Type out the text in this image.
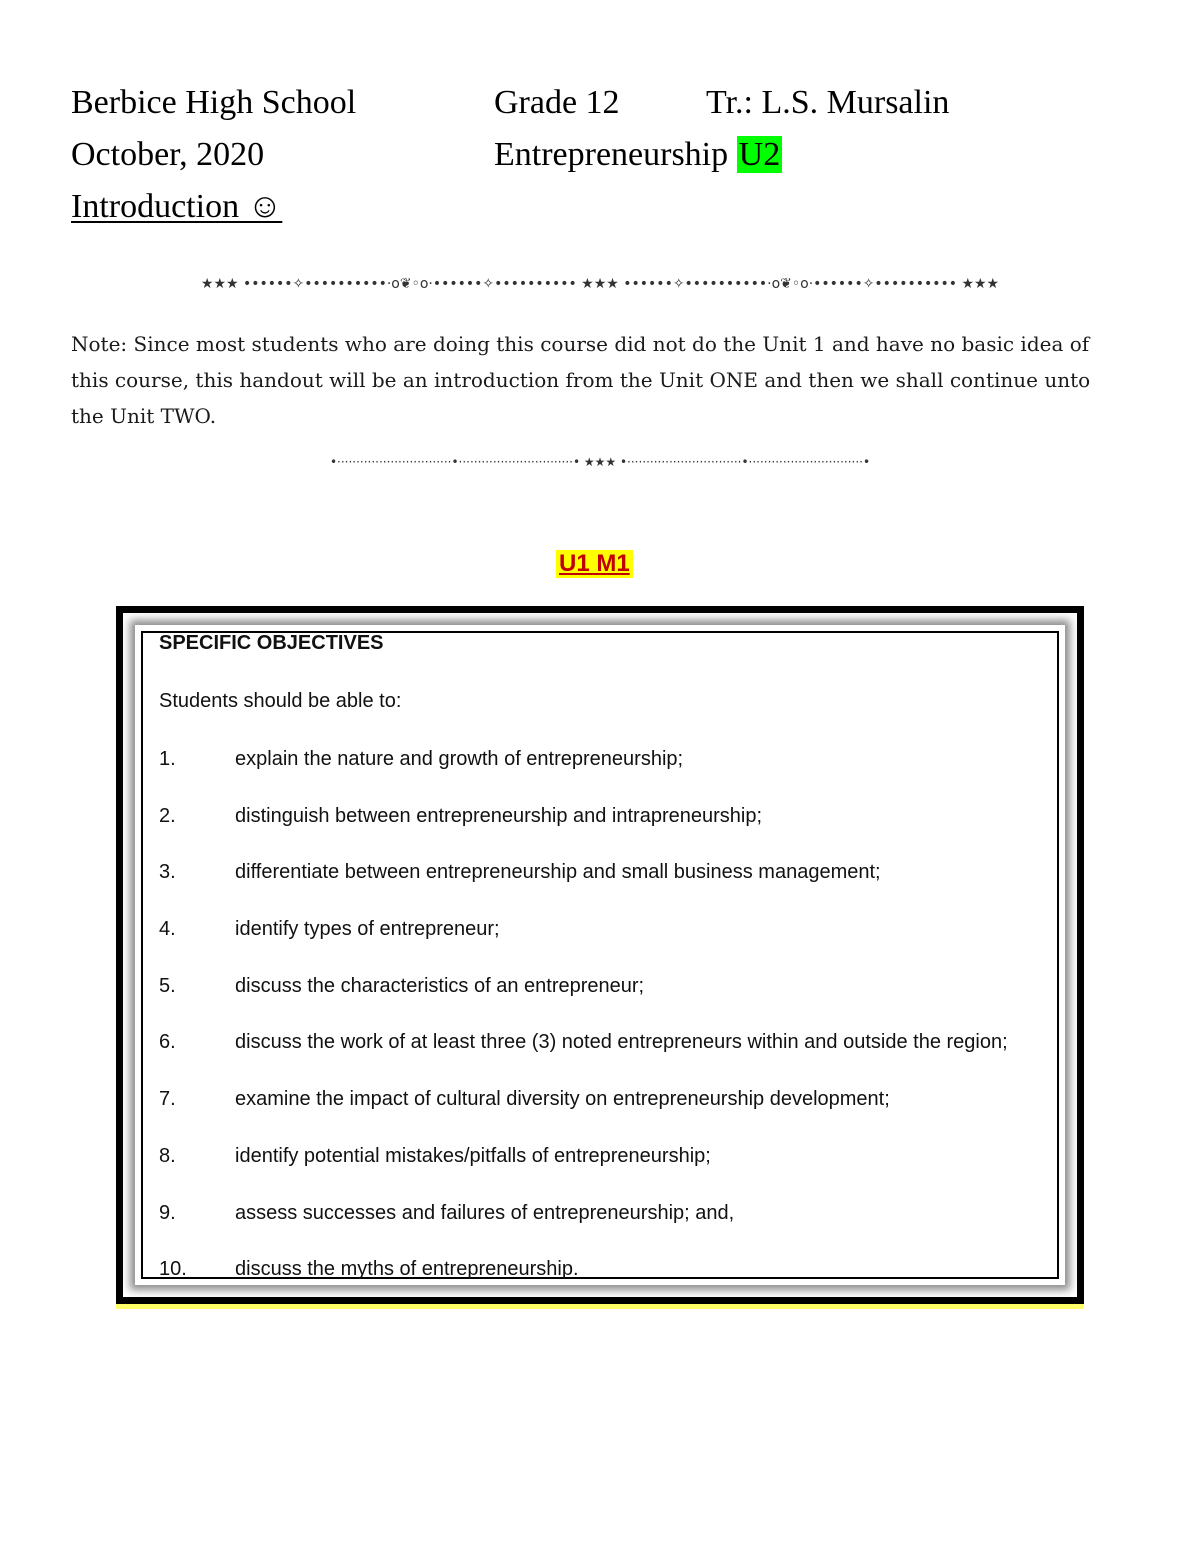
Berbice High School	Grade 12	Tr.: L.S. Mursalin
October, 2020	Entrepreneurship U2
Introduction ☺
★★★ ••••••✧••••••••••·o❦◦o·••••••✧•••••••••• ★★★ ••••••✧••••••••••·o❦◦o·••••••✧•••••••••• ★★★
Note: Since most students who are doing this course did not do the Unit 1 and have no basic idea of this course, this handout will be an introduction from the Unit ONE and then we shall continue unto the Unit TWO.
•······························•······························• ★★★ •······························•······························•
U1 M1
SPECIFIC OBJECTIVES
Students should be able to:
1.	explain the nature and growth of entrepreneurship;
2.	distinguish between entrepreneurship and intrapreneurship;
3.	differentiate between entrepreneurship and small business management;
4.	identify types of entrepreneur;
5.	discuss the characteristics of an entrepreneur;
6.	discuss the work of at least three (3) noted entrepreneurs within and outside the region;
7.	examine the impact of cultural diversity on entrepreneurship development;
8.	identify potential mistakes/pitfalls of entrepreneurship;
9.	assess successes and failures of entrepreneurship; and,
10. discuss the myths of entrepreneurship.
